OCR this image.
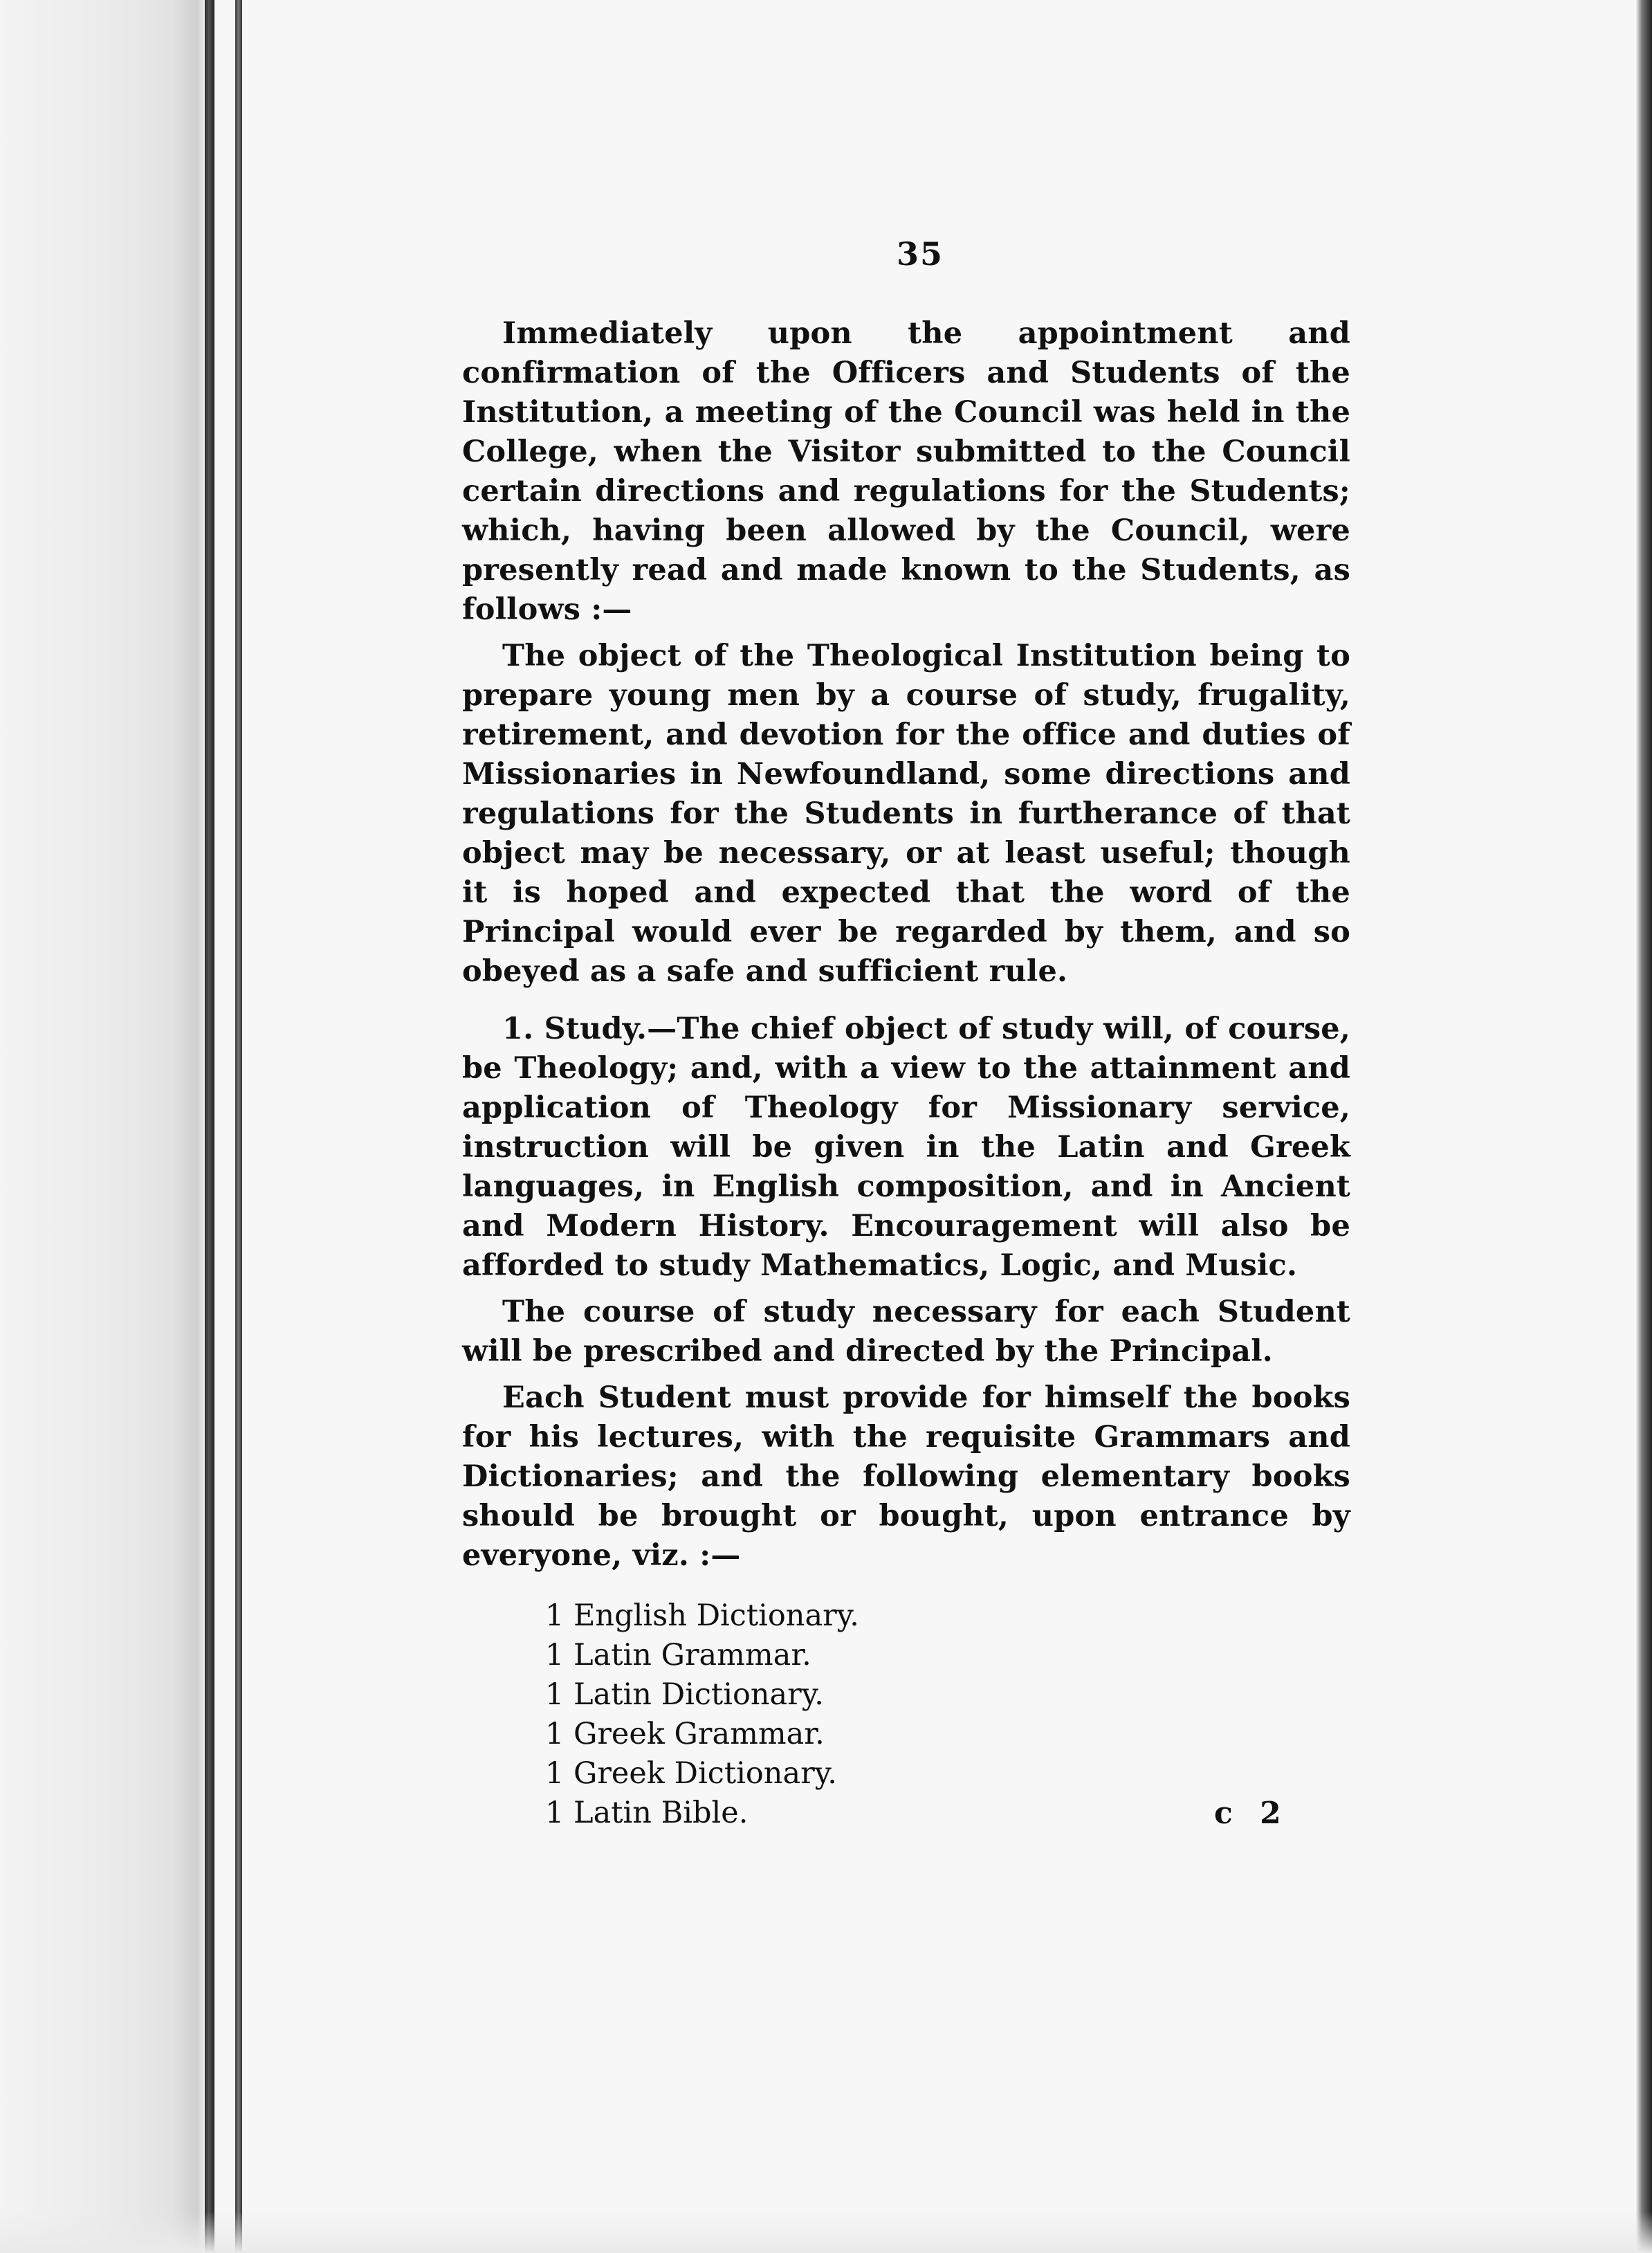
35

Immediately upon the appointment and confirmation of the Officers and Students of the Institution, a meeting of the Council was held in the College, when the Visitor submitted to the Council certain directions and regulations for the Students; which, having been allowed by the Council, were presently read and made known to the Students, as follows :—

The object of the Theological Institution being to prepare young men by a course of study, frugality, retirement, and devotion for the office and duties of Missionaries in Newfoundland, some directions and regulations for the Students in furtherance of that object may be necessary, or at least useful; though it is hoped and expected that the word of the Principal would ever be regarded by them, and so obeyed as a safe and sufficient rule.

1. Study.—The chief object of study will, of course, be Theology; and, with a view to the attainment and application of Theology for Missionary service, instruction will be given in the Latin and Greek languages, in English composition, and in Ancient and Modern History. Encouragement will also be afforded to study Mathematics, Logic, and Music.

The course of study necessary for each Student will be prescribed and directed by the Principal.

Each Student must provide for himself the books for his lectures, with the requisite Grammars and Dictionaries; and the following elementary books should be brought or bought, upon entrance by everyone, viz. :—

1 English Dictionary.
1 Latin Grammar.
1 Latin Dictionary.
1 Greek Grammar.
1 Greek Dictionary.
1 Latin Bible.	c 2
